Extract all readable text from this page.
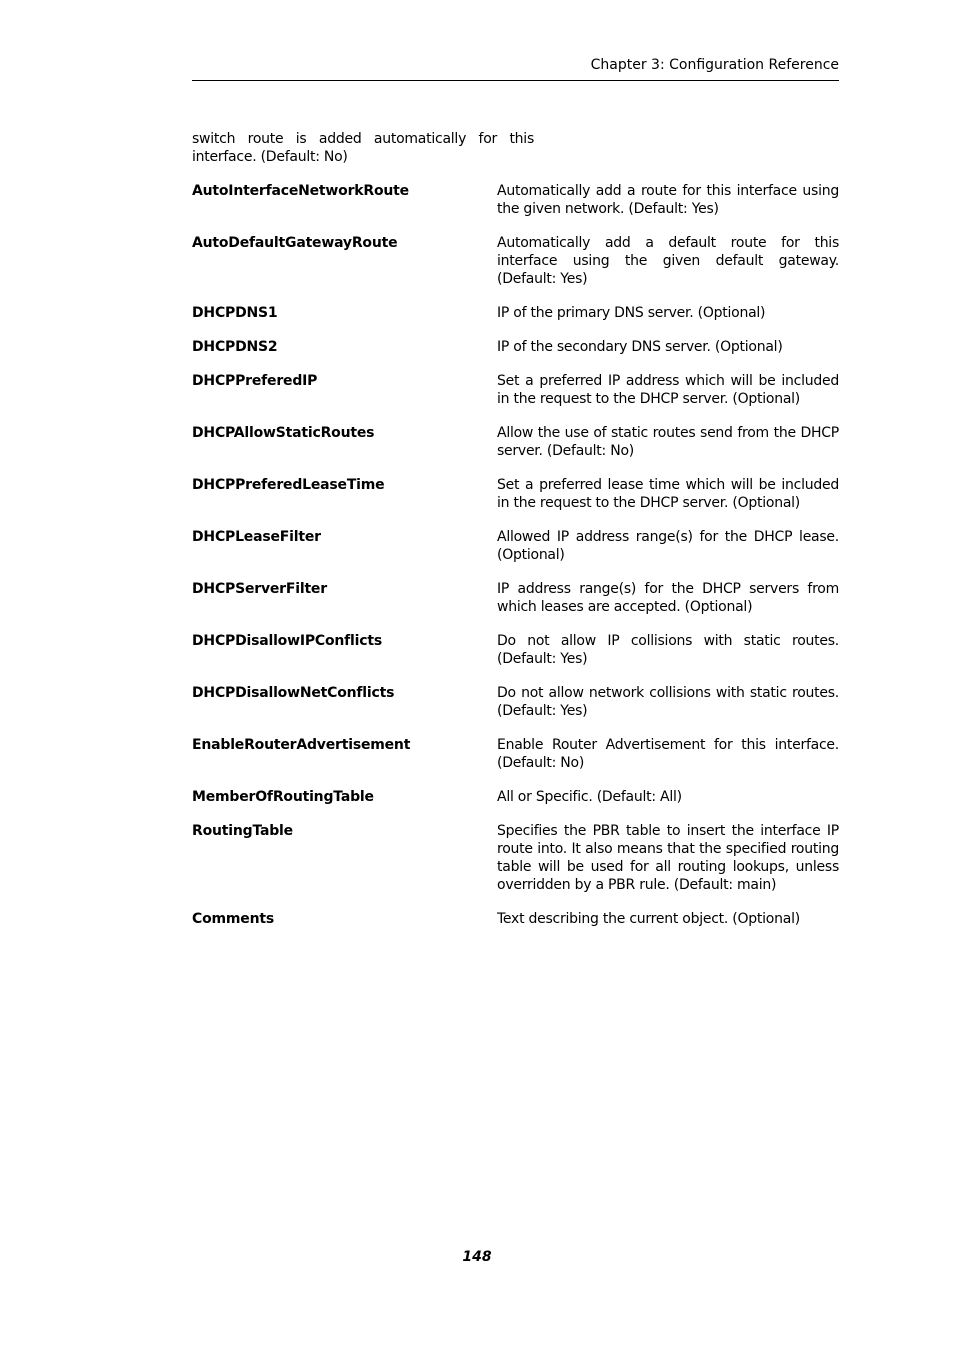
Chapter 3: Configuration Reference
switch route is added automatically for this interface. (Default: No)
AutoInterfaceNetworkRoute	Automatically add a route for this interface using the given network. (Default: Yes)
AutoDefaultGatewayRoute	Automatically add a default route for this interface using the given default gateway. (Default: Yes)
DHCPDNS1	IP of the primary DNS server. (Optional)
DHCPDNS2	IP of the secondary DNS server. (Optional)
DHCPPreferedIP	Set a preferred IP address which will be included in the request to the DHCP server. (Optional)
DHCPAllowStaticRoutes	Allow the use of static routes send from the DHCP server. (Default: No)
DHCPPreferedLeaseTime	Set a preferred lease time which will be included in the request to the DHCP server. (Optional)
DHCPLeaseFilter	Allowed IP address range(s) for the DHCP lease. (Optional)
DHCPServerFilter	IP address range(s) for the DHCP servers from which leases are accepted. (Optional)
DHCPDisallowIPConflicts	Do not allow IP collisions with static routes. (Default: Yes)
DHCPDisallowNetConflicts	Do not allow network collisions with static routes. (Default: Yes)
EnableRouterAdvertisement	Enable Router Advertisement for this interface. (Default: No)
MemberOfRoutingTable	All or Specific. (Default: All)
RoutingTable	Specifies the PBR table to insert the interface IP route into. It also means that the specified routing table will be used for all routing lookups, unless overridden by a PBR rule. (Default: main)
Comments	Text describing the current object. (Optional)
148
